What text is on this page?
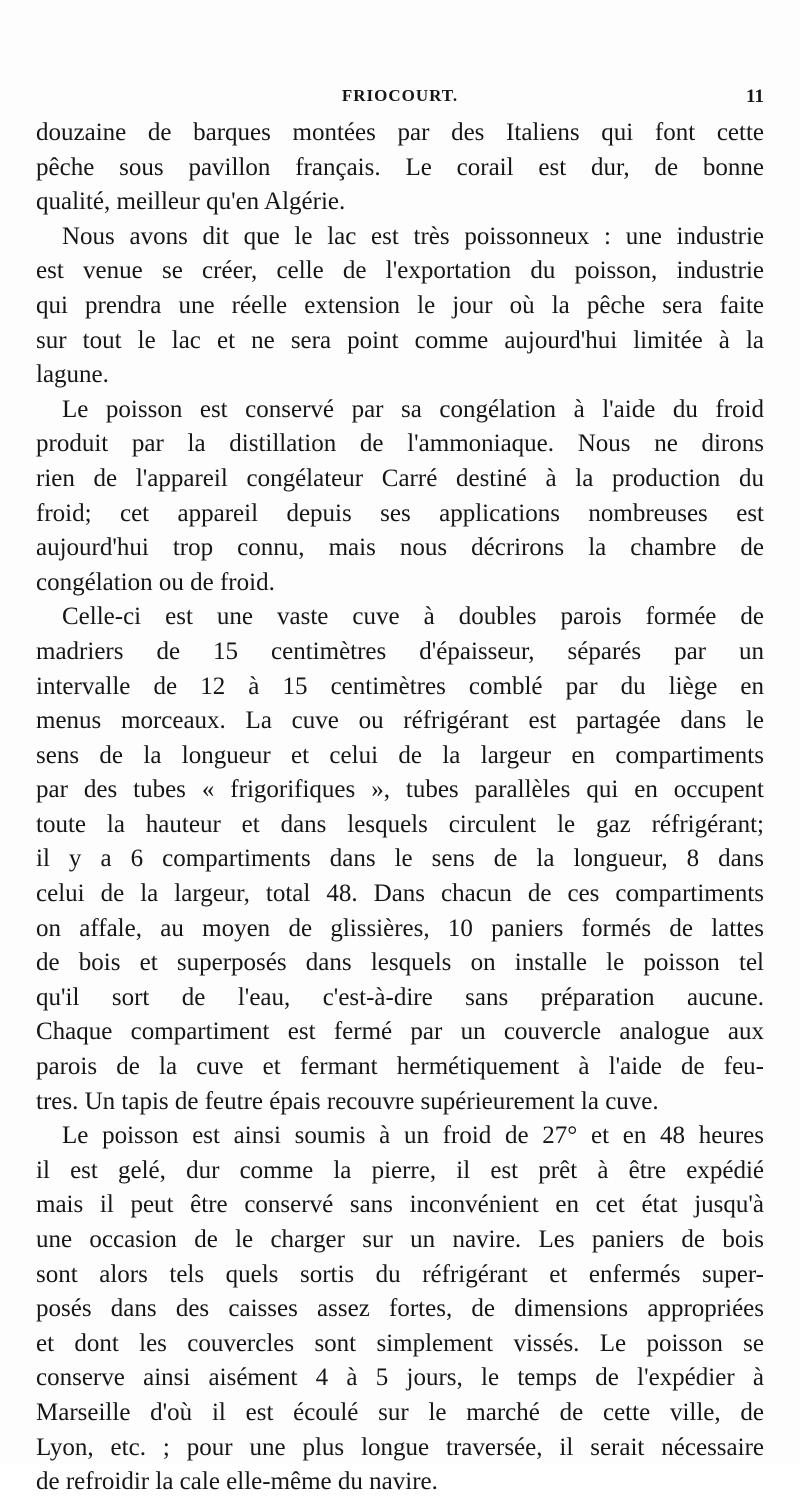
FRIOCOURT.	11
douzaine de barques montées par des Italiens qui font cette
pêche sous pavillon français. Le corail est dur, de bonne
qualité, meilleur qu'en Algérie.
Nous avons dit que le lac est très poissonneux : une industrie
est venue se créer, celle de l'exportation du poisson, industrie
qui prendra une réelle extension le jour où la pêche sera faite
sur tout le lac et ne sera point comme aujourd'hui limitée à la
lagune.
Le poisson est conservé par sa congélation à l'aide du froid
produit par la distillation de l'ammoniaque. Nous ne dirons
rien de l'appareil congélateur Carré destiné à la production du
froid; cet appareil depuis ses applications nombreuses est
aujourd'hui trop connu, mais nous décrirons la chambre de
congélation ou de froid.
Celle-ci est une vaste cuve à doubles parois formée de
madriers de 15 centimètres d'épaisseur, séparés par un
intervalle de 12 à 15 centimètres comblé par du liège en
menus morceaux. La cuve ou réfrigérant est partagée dans le
sens de la longueur et celui de la largeur en compartiments
par des tubes « frigorifiques », tubes parallèles qui en occupent
toute la hauteur et dans lesquels circulent le gaz réfrigérant;
il y a 6 compartiments dans le sens de la longueur, 8 dans
celui de la largeur, total 48. Dans chacun de ces compartiments
on affale, au moyen de glissières, 10 paniers formés de lattes
de bois et superposés dans lesquels on installe le poisson tel
qu'il sort de l'eau, c'est-à-dire sans préparation aucune.
Chaque compartiment est fermé par un couvercle analogue aux
parois de la cuve et fermant hermétiquement à l'aide de feu-
tres. Un tapis de feutre épais recouvre supérieurement la cuve.
Le poisson est ainsi soumis à un froid de 27° et en 48 heures
il est gelé, dur comme la pierre, il est prêt à être expédié
mais il peut être conservé sans inconvénient en cet état jusqu'à
une occasion de le charger sur un navire. Les paniers de bois
sont alors tels quels sortis du réfrigérant et enfermés super-
posés dans des caisses assez fortes, de dimensions appropriées
et dont les couvercles sont simplement vissés. Le poisson se
conserve ainsi aisément 4 à 5 jours, le temps de l'expédier à
Marseille d'où il est écoulé sur le marché de cette ville, de
Lyon, etc. ; pour une plus longue traversée, il serait nécessaire
de refroidir la cale elle-même du navire.
